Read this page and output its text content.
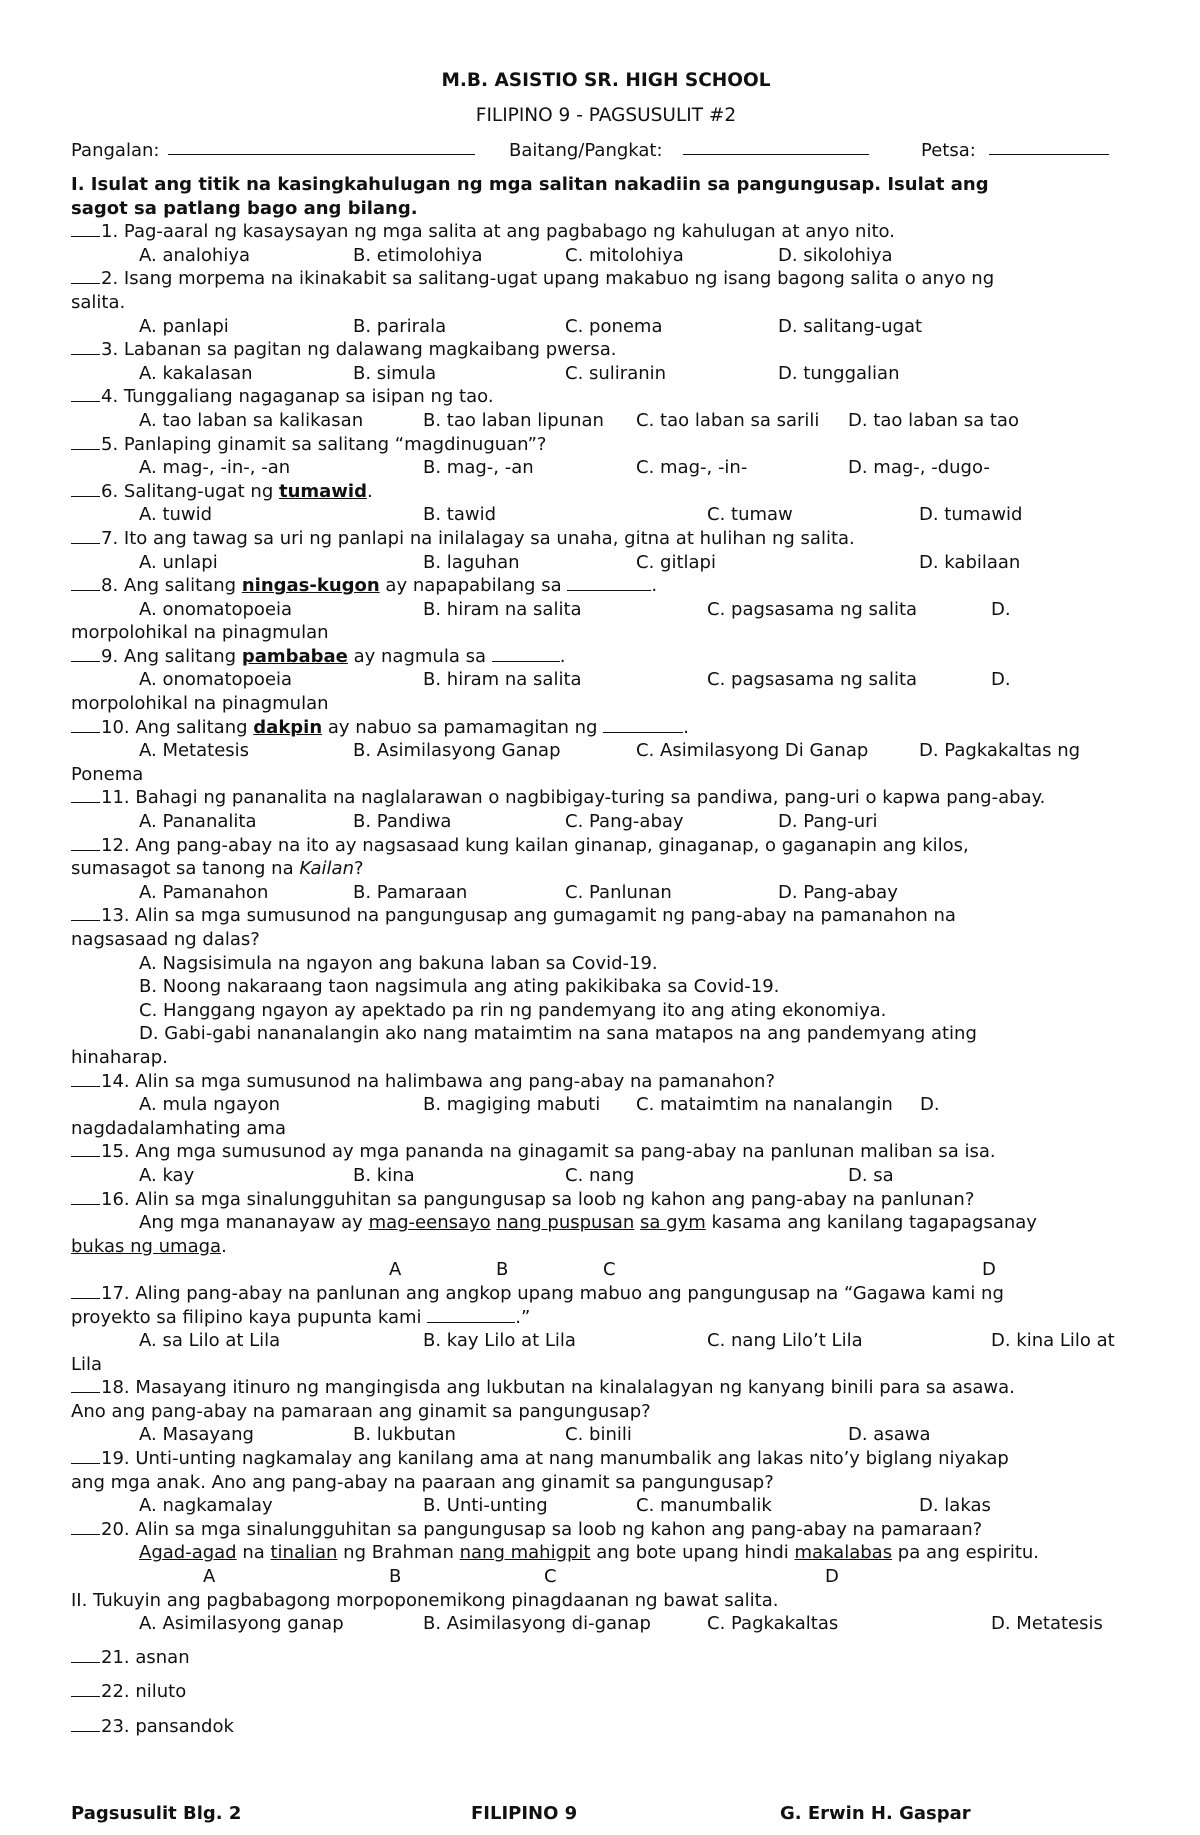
M.B. ASISTIO SR. HIGH SCHOOL
FILIPINO 9 - PAGSUSULIT #2
Pangalan:	Baitang/Pangkat:	Petsa:
I. Isulat ang titik na kasingkahulugan ng mga salitan nakadiin sa pangungusap. Isulat ang
sagot sa patlang bago ang bilang.
1. Pag-aaral ng kasaysayan ng mga salita at ang pagbabago ng kahulugan at anyo nito.
A. analohiya	B. etimolohiya	C. mitolohiya	D. sikolohiya
2. Isang morpema na ikinakabit sa salitang-ugat upang makabuo ng isang bagong salita o anyo ng
salita.
A. panlapi	B. parirala	C. ponema	D. salitang-ugat
3. Labanan sa pagitan ng dalawang magkaibang pwersa.
A. kakalasan	B. simula	C. suliranin	D. tunggalian
4. Tunggaliang nagaganap sa isipan ng tao.
A. tao laban sa kalikasan	B. tao laban lipunan C. tao laban sa sarili D. tao laban sa tao
5. Panlaping ginamit sa salitang “magdinuguan”?
A. mag-, -in-, -an	B. mag-, -an	C. mag-, -in-	D. mag-, -dugo-
6. Salitang-ugat ng tumawid.
A. tuwid	B. tawid	C. tumaw	D. tumawid
7. Ito ang tawag sa uri ng panlapi na inilalagay sa unaha, gitna at hulihan ng salita.
A. unlapi	B. laguhan	C. gitlapi	D. kabilaan
8. Ang salitang ningas-kugon ay napapabilang sa	.
A. onomatopoeia	B. hiram na salita	C. pagsasama ng salita	D.
morpolohikal na pinagmulan
9. Ang salitang pambabae ay nagmula sa	.
A. onomatopoeia	B. hiram na salita	C. pagsasama ng salita	D.
morpolohikal na pinagmulan
10. Ang salitang dakpin ay nabuo sa pamamagitan ng	.
A. Metatesis	B. Asimilasyong Ganap	C. Asimilasyong Di Ganap	D. Pagkakaltas ng
Ponema
11. Bahagi ng pananalita na naglalarawan o nagbibigay-turing sa pandiwa, pang-uri o kapwa pang-abay.
A. Pananalita	B. Pandiwa	C. Pang-abay	D. Pang-uri
12. Ang pang-abay na ito ay nagsasaad kung kailan ginanap, ginaganap, o gaganapin ang kilos,
sumasagot sa tanong na Kailan?
A. Pamanahon	B. Pamaraan	C. Panlunan	D. Pang-abay
13. Alin sa mga sumusunod na pangungusap ang gumagamit ng pang-abay na pamanahon na
nagsasaad ng dalas?
A. Nagsisimula na ngayon ang bakuna laban sa Covid-19.
B. Noong nakaraang taon nagsimula ang ating pakikibaka sa Covid-19.
C. Hanggang ngayon ay apektado pa rin ng pandemyang ito ang ating ekonomiya.
D. Gabi-gabi nananalangin ako nang mataimtim na sana matapos na ang pandemyang ating
hinaharap.
14. Alin sa mga sumusunod na halimbawa ang pang-abay na pamanahon?
A. mula ngayon	B. magiging mabuti C. mataimtim na nanalangin D.
nagdadalamhating ama
15. Ang mga sumusunod ay mga pananda na ginagamit sa pang-abay na panlunan maliban sa isa.
A. kay	B. kina	C. nang	D. sa
16. Alin sa mga sinalungguhitan sa pangungusap sa loob ng kahon ang pang-abay na panlunan?
Ang mga mananayaw ay mag-eensayo nang puspusan sa gym kasama ang kanilang tagapagsanay
bukas ng umaga.
A	B	C	D
17. Aling pang-abay na panlunan ang angkop upang mabuo ang pangungusap na “Gagawa kami ng
proyekto sa filipino kaya pupunta kami	.”
A. sa Lilo at Lila	B. kay Lilo at Lila	C. nang Lilo’t Lila	D. kina Lilo at
Lila
18. Masayang itinuro ng mangingisda ang lukbutan na kinalalagyan ng kanyang binili para sa asawa.
Ano ang pang-abay na pamaraan ang ginamit sa pangungusap?
A. Masayang	B. lukbutan	C. binili	D. asawa
19. Unti-unting nagkamalay ang kanilang ama at nang manumbalik ang lakas nito’y biglang niyakap
ang mga anak. Ano ang pang-abay na paaraan ang ginamit sa pangungusap?
A. nagkamalay	B. Unti-unting	C. manumbalik	D. lakas
20. Alin sa mga sinalungguhitan sa pangungusap sa loob ng kahon ang pang-abay na pamaraan?
Agad-agad na tinalian ng Brahman nang mahigpit ang bote upang hindi makalabas pa ang espiritu.
A	B	C	D
II. Tukuyin ang pagbabagong morpoponemikong pinagdaanan ng bawat salita.
A. Asimilasyong ganap	B. Asimilasyong di-ganap	C. Pagkakaltas	D. Metatesis
21. asnan
22. niluto
23. pansandok
Pagsusulit Blg. 2	FILIPINO 9	G. Erwin H. Gaspar
